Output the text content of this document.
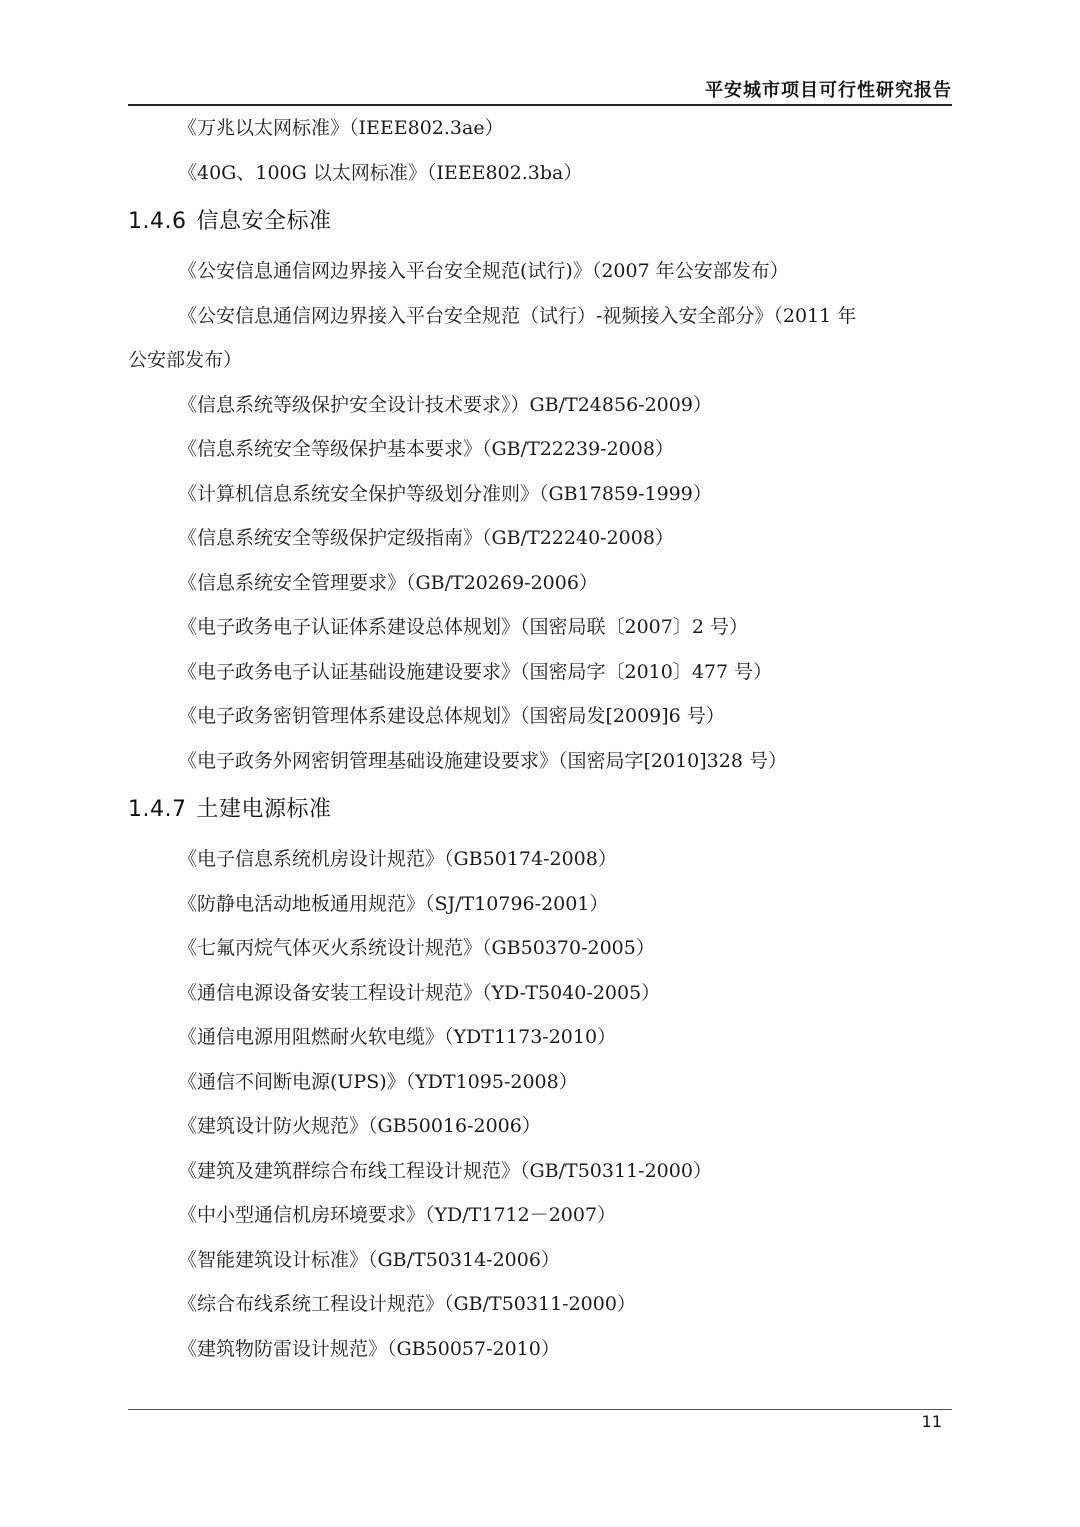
平安城市项目可行性研究报告
《万兆以太网标准》（IEEE802.3ae）
《40G、100G 以太网标准》（IEEE802.3ba）
1.4.6 信息安全标准
《公安信息通信网边界接入平台安全规范(试行)》（2007 年公安部发布）
《公安信息通信网边界接入平台安全规范（试行）-视频接入安全部分》（2011 年
公安部发布）
《信息系统等级保护安全设计技术要求》）GB/T24856-2009）
《信息系统安全等级保护基本要求》（GB/T22239-2008）
《计算机信息系统安全保护等级划分准则》（GB17859-1999）
《信息系统安全等级保护定级指南》（GB/T22240-2008）
《信息系统安全管理要求》（GB/T20269-2006）
《电子政务电子认证体系建设总体规划》（国密局联〔2007〕2 号）
《电子政务电子认证基础设施建设要求》（国密局字〔2010〕477 号）
《电子政务密钥管理体系建设总体规划》（国密局发[2009]6 号）
《电子政务外网密钥管理基础设施建设要求》（国密局字[2010]328 号）
1.4.7 土建电源标准
《电子信息系统机房设计规范》（GB50174-2008）
《防静电活动地板通用规范》（SJ/T10796-2001）
《七氟丙烷气体灭火系统设计规范》（GB50370-2005）
《通信电源设备安装工程设计规范》（YD-T5040-2005）
《通信电源用阻燃耐火软电缆》（YDT1173-2010）
《通信不间断电源(UPS)》（YDT1095-2008）
《建筑设计防火规范》（GB50016-2006）
《建筑及建筑群综合布线工程设计规范》（GB/T50311-2000）
《中小型通信机房环境要求》（YD/T1712－2007）
《智能建筑设计标准》（GB/T50314-2006）
《综合布线系统工程设计规范》（GB/T50311-2000）
《建筑物防雷设计规范》（GB50057-2010）
11
